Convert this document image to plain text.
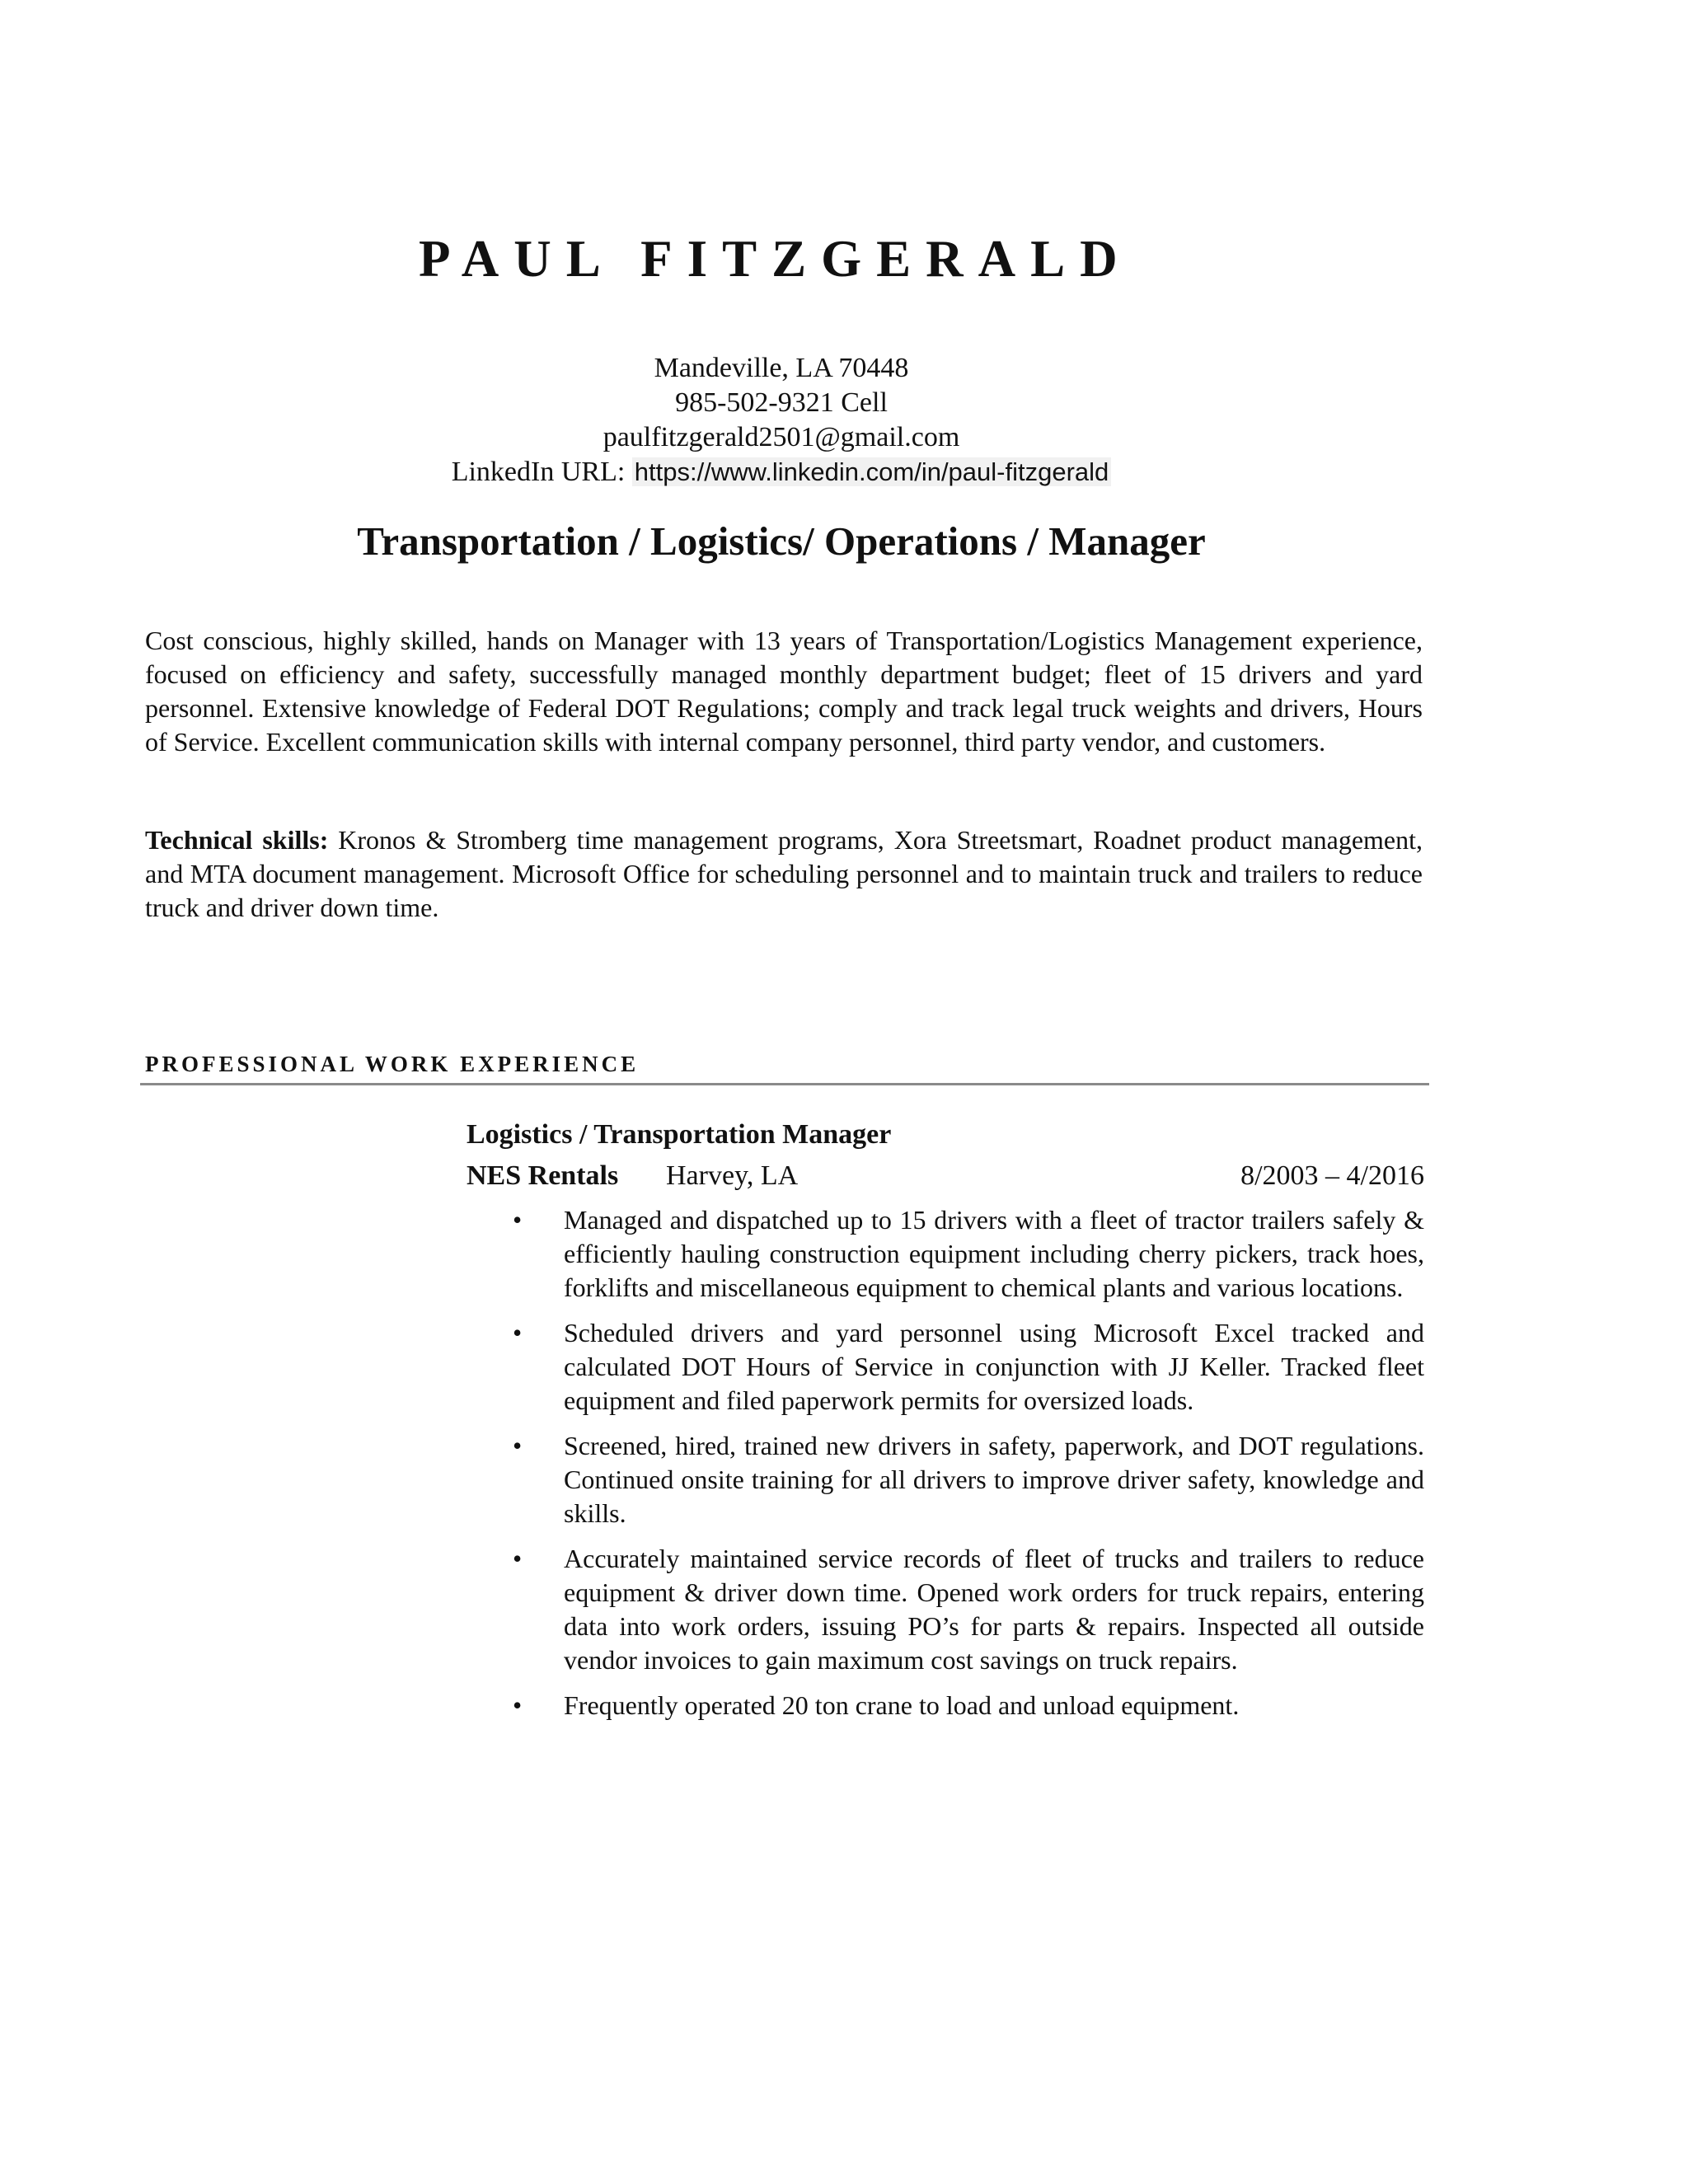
PAUL FITZGERALD
Mandeville, LA 70448
985-502-9321 Cell
paulfitzgerald2501@gmail.com
LinkedIn URL: https://www.linkedin.com/in/paul-fitzgerald
Transportation / Logistics/ Operations / Manager
Cost conscious, highly skilled, hands on Manager with 13 years of Transportation/Logistics Management experience, focused on efficiency and safety, successfully managed monthly department budget; fleet of 15 drivers and yard personnel. Extensive knowledge of Federal DOT Regulations; comply and track legal truck weights and drivers, Hours of Service. Excellent communication skills with internal company personnel, third party vendor, and customers.
Technical skills: Kronos & Stromberg time management programs, Xora Streetsmart, Roadnet product management, and MTA document management. Microsoft Office for scheduling personnel and to maintain truck and trailers to reduce truck and driver down time.
PROFESSIONAL WORK EXPERIENCE
Logistics / Transportation Manager
NES Rentals Harvey, LA	8/2003 – 4/2016
• Managed and dispatched up to 15 drivers with a fleet of tractor trailers safely & efficiently hauling construction equipment including cherry pickers, track hoes, forklifts and miscellaneous equipment to chemical plants and various locations.
• Scheduled drivers and yard personnel using Microsoft Excel tracked and calculated DOT Hours of Service in conjunction with JJ Keller. Tracked fleet equipment and filed paperwork permits for oversized loads.
• Screened, hired, trained new drivers in safety, paperwork, and DOT regulations. Continued onsite training for all drivers to improve driver safety, knowledge and skills.
• Accurately maintained service records of fleet of trucks and trailers to reduce equipment & driver down time. Opened work orders for truck repairs, entering data into work orders, issuing PO’s for parts & repairs. Inspected all outside vendor invoices to gain maximum cost savings on truck repairs.
• Frequently operated 20 ton crane to load and unload equipment.
